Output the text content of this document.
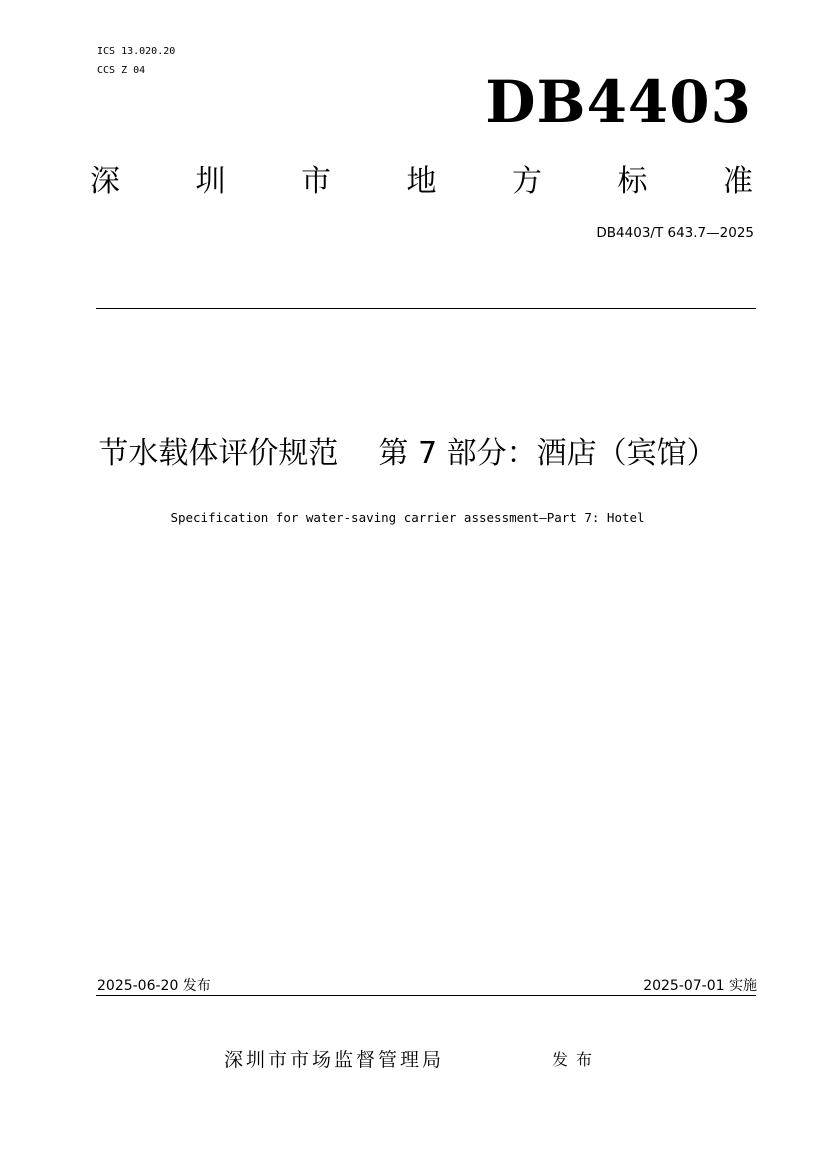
ICS 13.020.20
CCS Z 04	DB4403
深	圳	市	地	方	标	准
DB4403/T 643.7—2025
节水载体评价规范 第 7 部分：酒店（宾馆）
Specification for water-saving carrier assessment—Part 7: Hotel
2025-06-20 发布	2025-07-01 实施
深圳市市场监督管理局	发布
